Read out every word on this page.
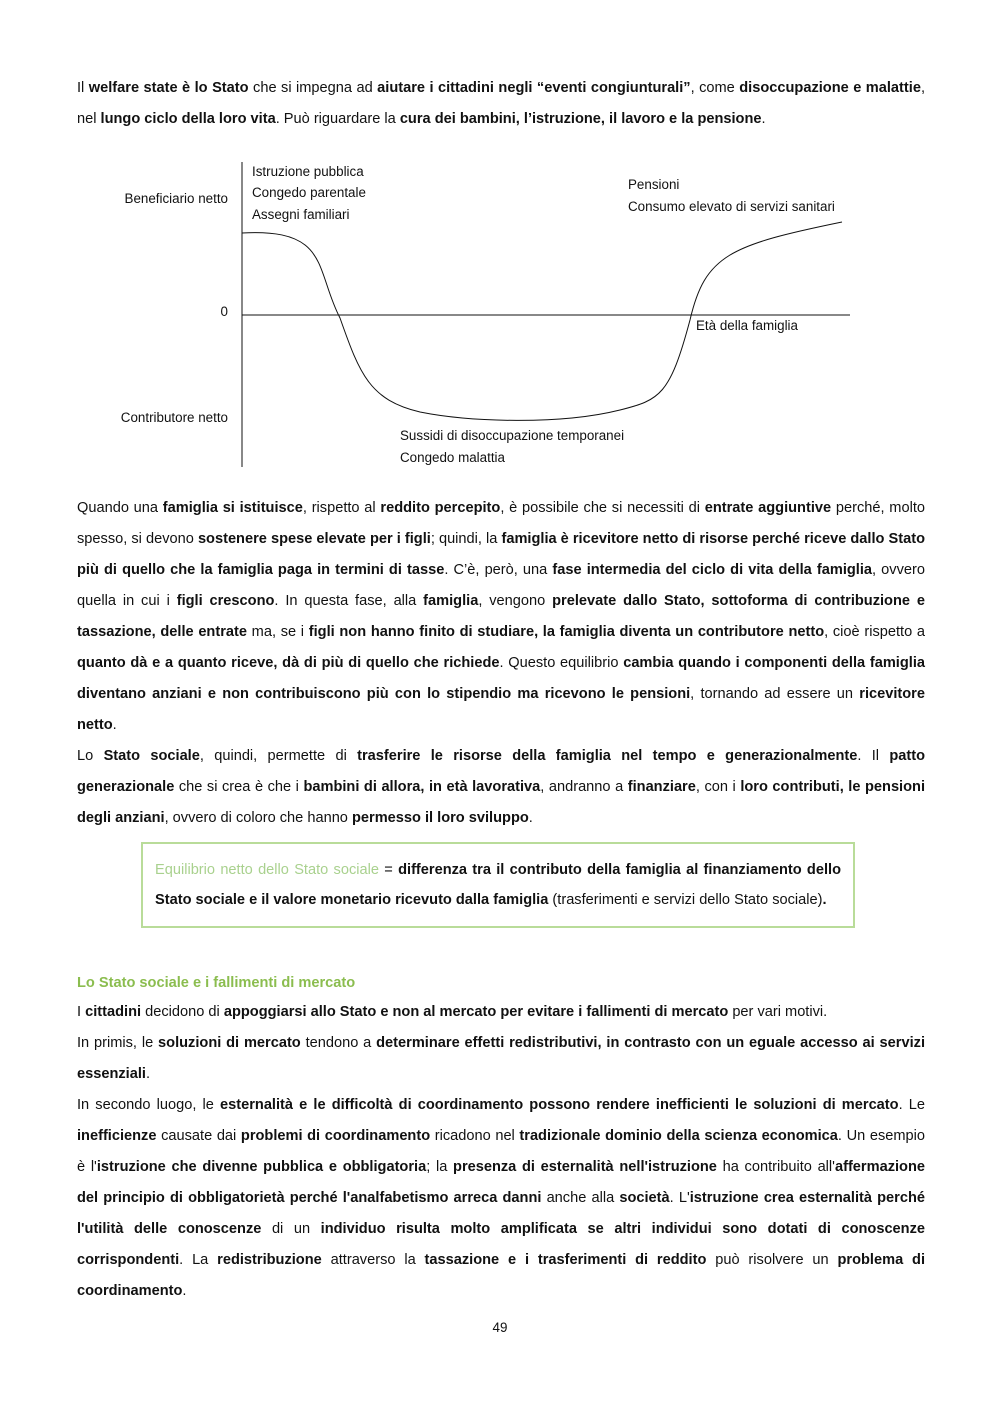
Beneficiario netto
0
Contributore netto
Età della famiglia
Istruzione pubblica
Congedo parentale
Assegni familiari
Pensioni
Consumo elevato di servizi sanitari
Sussidi di disoccupazione temporanei
Congedo malattia

Il welfare state è lo Stato che si impegna ad aiutare i cittadini negli “eventi congiunturali”, come disoccupazione e malattie, nel lungo ciclo della loro vita. Può riguardare la cura dei bambini, l’istruzione, il lavoro e la pensione.

Quando una famiglia si istituisce, rispetto al reddito percepito, è possibile che si necessiti di entrate aggiuntive perché, molto spesso, si devono sostenere spese elevate per i figli; quindi, la famiglia è ricevitore netto di risorse perché riceve dallo Stato più di quello che la famiglia paga in termini di tasse. C’è, però, una fase intermedia del ciclo di vita della famiglia, ovvero quella in cui i figli crescono. In questa fase, alla famiglia, vengono prelevate dallo Stato, sottoforma di contribuzione e tassazione, delle entrate ma, se i figli non hanno finito di studiare, la famiglia diventa un contributore netto, cioè rispetto a quanto dà e a quanto riceve, dà di più di quello che richiede. Questo equilibrio cambia quando i componenti della famiglia diventano anziani e non contribuiscono più con lo stipendio ma ricevono le pensioni, tornando ad essere un ricevitore netto.

Lo Stato sociale, quindi, permette di trasferire le risorse della famiglia nel tempo e generazionalmente. Il patto generazionale che si crea è che i bambini di allora, in età lavorativa, andranno a finanziare, con i loro contributi, le pensioni degli anziani, ovvero di coloro che hanno permesso il loro sviluppo.

Lo Stato sociale e i fallimenti di mercato

I cittadini decidono di appoggiarsi allo Stato e non al mercato per evitare i fallimenti di mercato per vari motivi.

In primis, le soluzioni di mercato tendono a determinare effetti redistributivi, in contrasto con un eguale accesso ai servizi essenziali.

In secondo luogo, le esternalità e le difficoltà di coordinamento possono rendere inefficienti le soluzioni di mercato. Le inefficienze causate dai problemi di coordinamento ricadono nel tradizionale dominio della scienza economica. Un esempio è l'istruzione che divenne pubblica e obbligatoria; la presenza di esternalità nell'istruzione ha contribuito all'affermazione del principio di obbligatorietà perché l'analfabetismo arreca danni anche alla società. L'istruzione crea esternalità perché l'utilità delle conoscenze di un individuo risulta molto amplificata se altri individui sono dotati di conoscenze corrispondenti. La redistribuzione attraverso la tassazione e i trasferimenti di reddito può risolvere un problema di coordinamento.

Equilibrio netto dello Stato sociale = differenza tra il contributo della famiglia al finanziamento dello Stato sociale e il valore monetario ricevuto dalla famiglia (trasferimenti e servizi dello Stato sociale).

49
